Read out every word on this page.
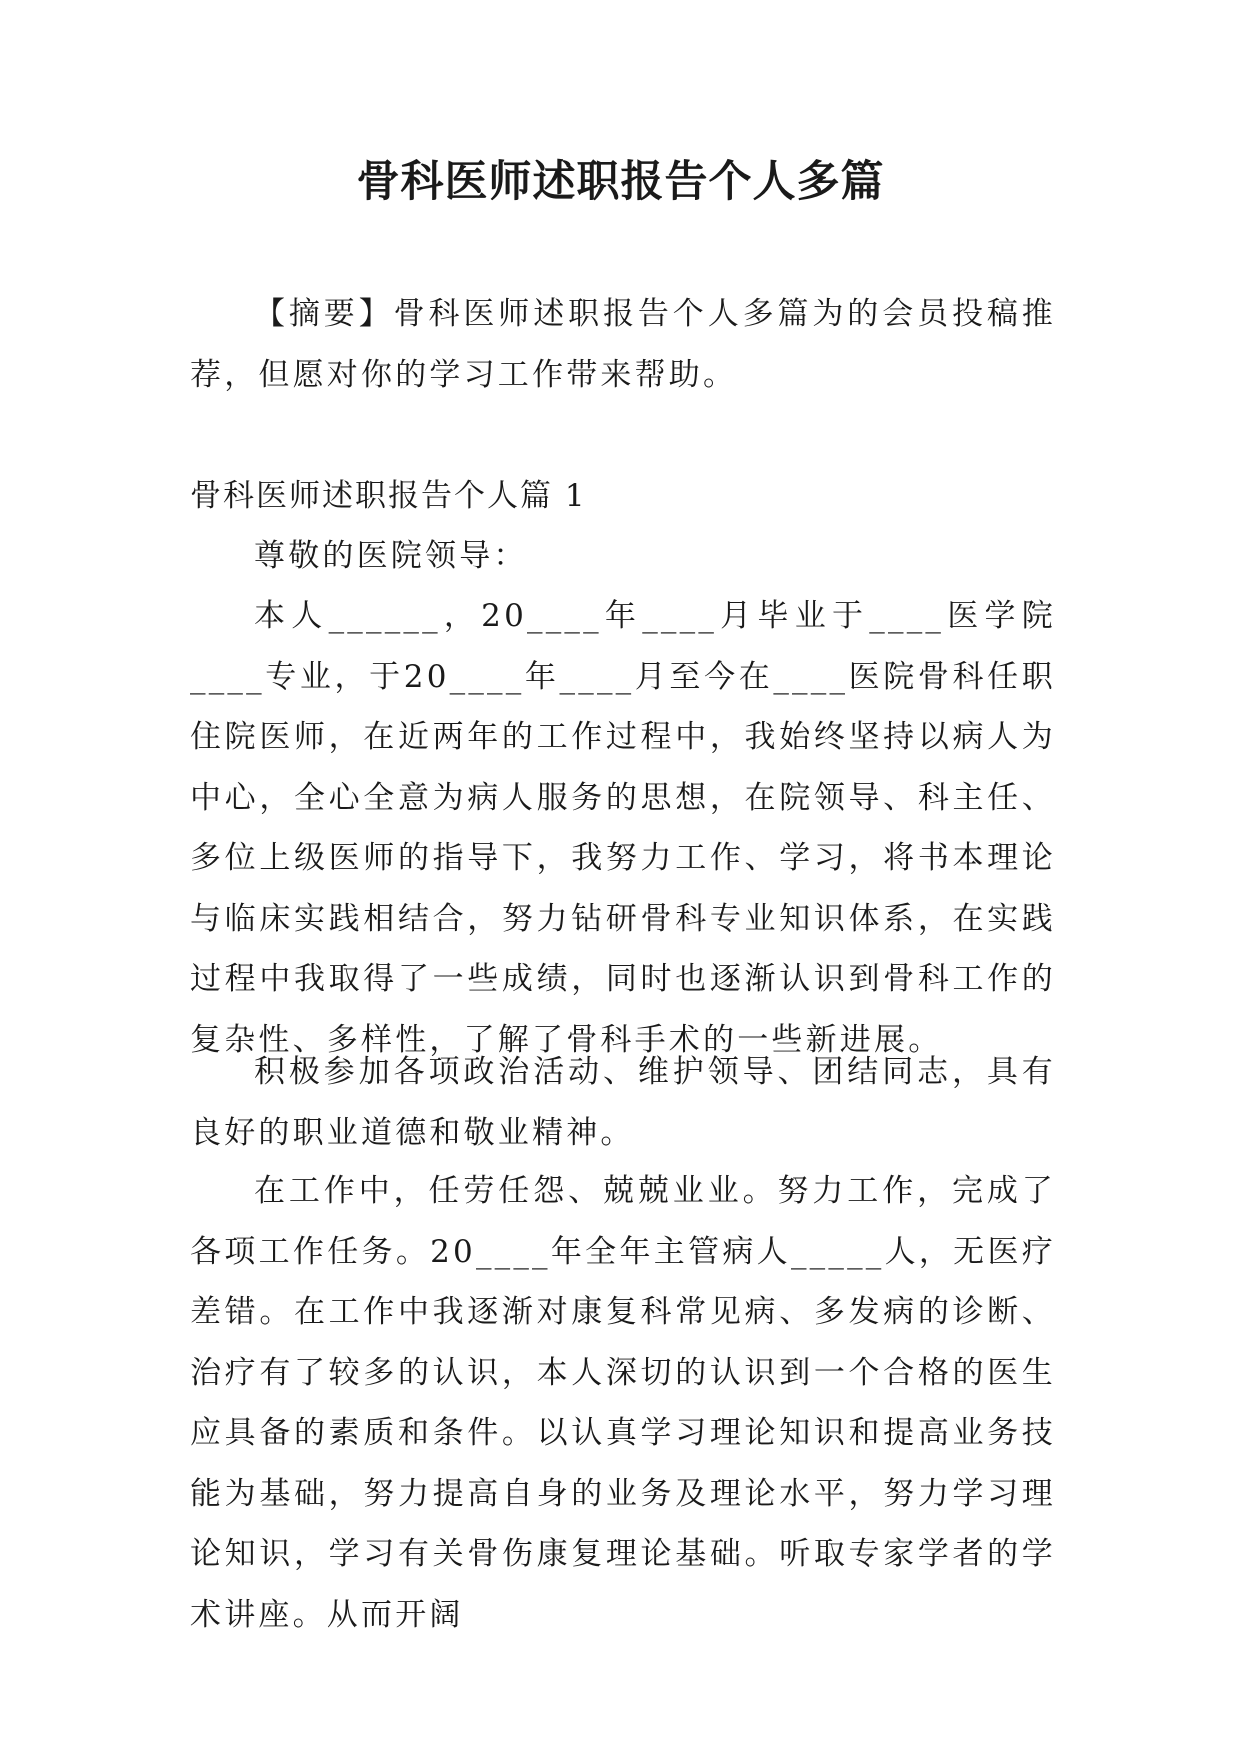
骨科医师述职报告个人多篇

【摘要】骨科医师述职报告个人多篇为的会员投稿推荐，但愿对你的学习工作带来帮助。

骨科医师述职报告个人篇 1

尊敬的医院领导：

本人______，20____年____月毕业于____医学院____专业，于20____年____月至今在____医院骨科任职住院医师，在近两年的工作过程中，我始终坚持以病人为中心，全心全意为病人服务的思想，在院领导、科主任、多位上级医师的指导下，我努力工作、学习，将书本理论与临床实践相结合，努力钻研骨科专业知识体系，在实践过程中我取得了一些成绩，同时也逐渐认识到骨科工作的复杂性、多样性，了解了骨科手术的一些新进展。

积极参加各项政治活动、维护领导、团结同志，具有良好的职业道德和敬业精神。

在工作中，任劳任怨、兢兢业业。努力工作，完成了各项工作任务。20____年全年主管病人_____人，无医疗差错。在工作中我逐渐对康复科常见病、多发病的诊断、治疗有了较多的认识，本人深切的认识到一个合格的医生应具备的素质和条件。以认真学习理论知识和提高业务技能为基础，努力提高自身的业务及理论水平，努力学习理论知识，学习有关骨伤康复理论基础。听取专家学者的学术讲座。从而开阔
